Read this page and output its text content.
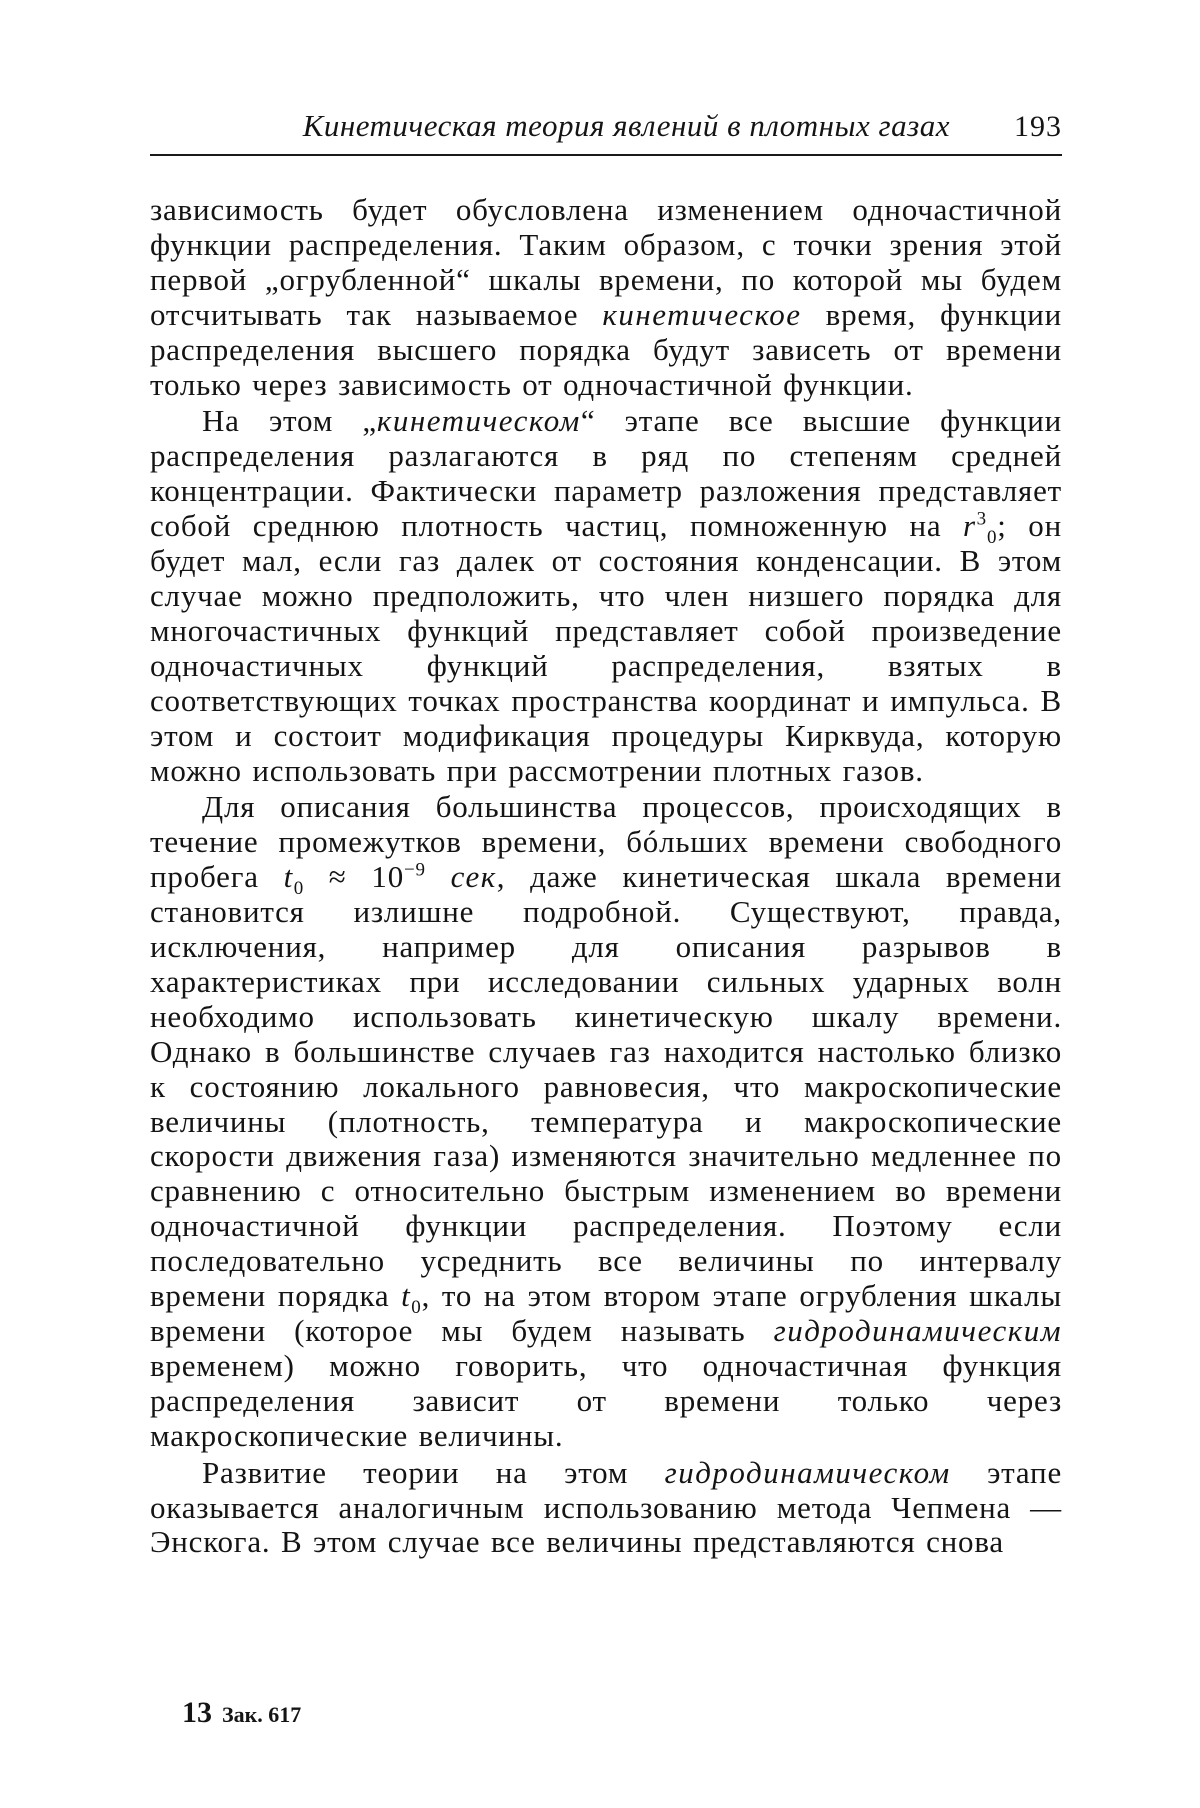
Кинетическая теория явлений в плотных газах 193

зависимость будет обусловлена изменением одночастичной функции распределения. Таким образом, с точки зрения этой первой „огрубленной“ шкалы времени, по которой мы будем отсчитывать так называемое кинетическое время, функции распределения высшего порядка будут зависеть от времени только через зависимость от одночастичной функции.

На этом „кинетическом“ этапе все высшие функции распределения разлагаются в ряд по степеням средней концентрации. Фактически параметр разложения представляет собой среднюю плотность частиц, помноженную на $r^3_0$; он будет мал, если газ далек от состояния конденсации. В этом случае можно предположить, что член низшего порядка для многочастичных функций представляет собой произведение одночастичных функций распределения, взятых в соответствующих точках пространства координат и импульса. В этом и состоит модификация процедуры Кирквуда, которую можно использовать при рассмотрении плотных газов.

Для описания большинства процессов, происходящих в течение промежутков времени, бóльших времени свободного пробега $t_0 \approx 10^{-9}$ сек, даже кинетическая шкала времени становится излишне подробной. Существуют, правда, исключения, например для описания разрывов в характеристиках при исследовании сильных ударных волн необходимо использовать кинетическую шкалу времени. Однако в большинстве случаев газ находится настолько близко к состоянию локального равновесия, что макроскопические величины (плотность, температура и макроскопические скорости движения газа) изменяются значительно медленнее по сравнению с относительно быстрым изменением во времени одночастичной функции распределения. Поэтому если последовательно усреднить все величины по интервалу времени порядка $t_0$, то на этом втором этапе огрубления шкалы времени (которое мы будем называть гидродинамическим временем) можно говорить, что одночастичная функция распределения зависит от времени только через макроскопические величины.

Развитие теории на этом гидродинамическом этапе оказывается аналогичным использованию метода Чепмена — Энскога. В этом случае все величины представляются снова

13 Зак. 617
